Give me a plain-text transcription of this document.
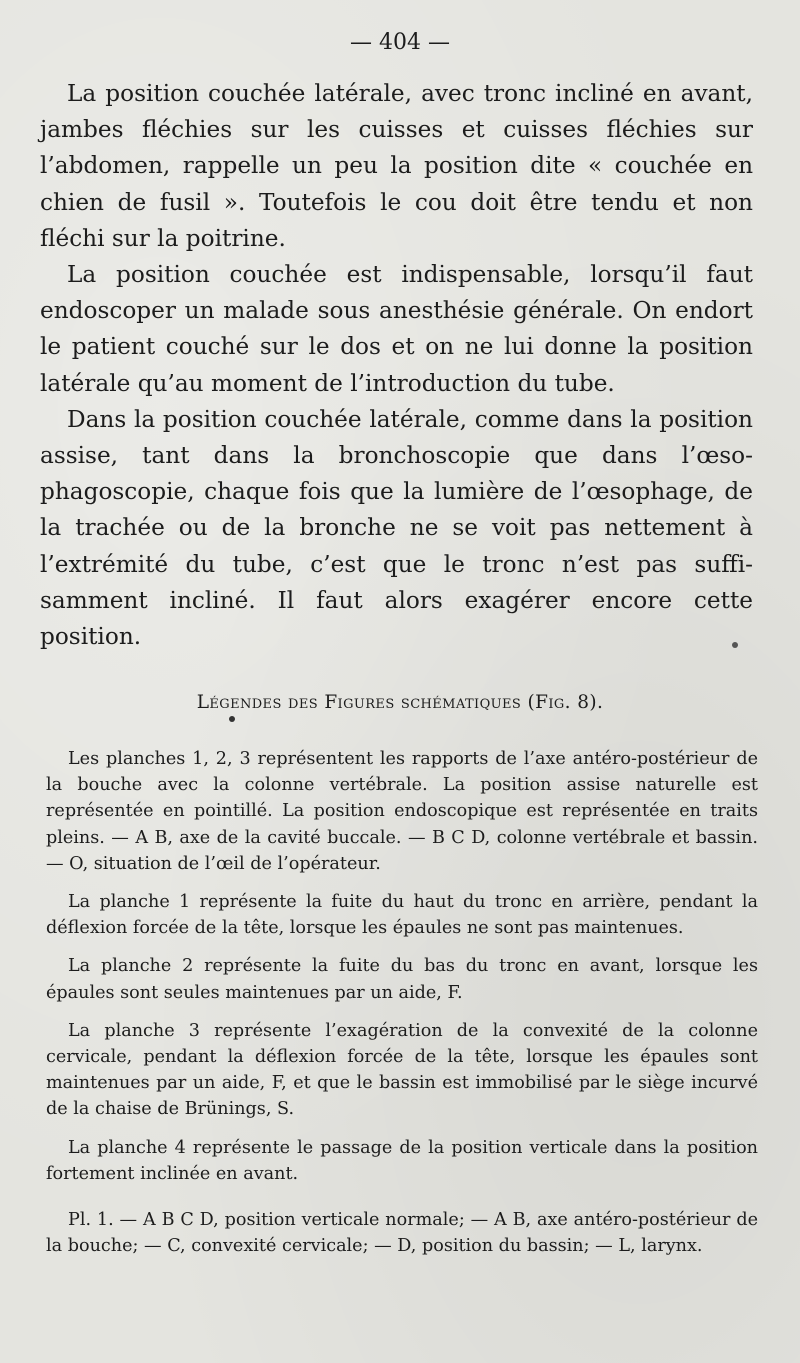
— 404 —

La position couchée latérale, avec tronc incliné en avant, jambes fléchies sur les cuisses et cuisses fléchies sur l’abdomen, rappelle un peu la position dite « couchée en chien de fusil ». Toutefois le cou doit être tendu et non fléchi sur la poitrine.

La position couchée est indispensable, lorsqu’il faut endoscoper un malade sous anesthésie générale. On endort le patient couché sur le dos et on ne lui donne la position latérale qu’au moment de l’introduction du tube.

Dans la position couchée latérale, comme dans la position assise, tant dans la bronchoscopie que dans l’œsophagoscopie, chaque fois que la lumière de l’œsophage, de la trachée ou de la bronche ne se voit pas nettement à l’extrémité du tube, c’est que le tronc n’est pas suffisamment incliné. Il faut alors exagérer encore cette position.

Légendes des Figures schématiques (Fig. 8).

Les planches 1, 2, 3 représentent les rapports de l’axe antéro-postérieur de la bouche avec la colonne vertébrale. La position assise naturelle est représentée en pointillé. La position endoscopique est représentée en traits pleins. — A B, axe de la cavité buccale. — B C D, colonne vertébrale et bassin. — O, situation de l’œil de l’opérateur.

La planche 1 représente la fuite du haut du tronc en arrière, pendant la déflexion forcée de la tête, lorsque les épaules ne sont pas maintenues.

La planche 2 représente la fuite du bas du tronc en avant, lorsque les épaules sont seules maintenues par un aide, F.

La planche 3 représente l’exagération de la convexité de la colonne cervicale, pendant la déflexion forcée de la tête, lorsque les épaules sont maintenues par un aide, F, et que le bassin est immobilisé par le siège incurvé de la chaise de Brünings, S.

La planche 4 représente le passage de la position verticale dans la position fortement inclinée en avant.

Pl. 1. — A B C D, position verticale normale; — A B, axe antéro-postérieur de la bouche; — C, convexité cervicale; — D, position du bassin; — L, larynx.
